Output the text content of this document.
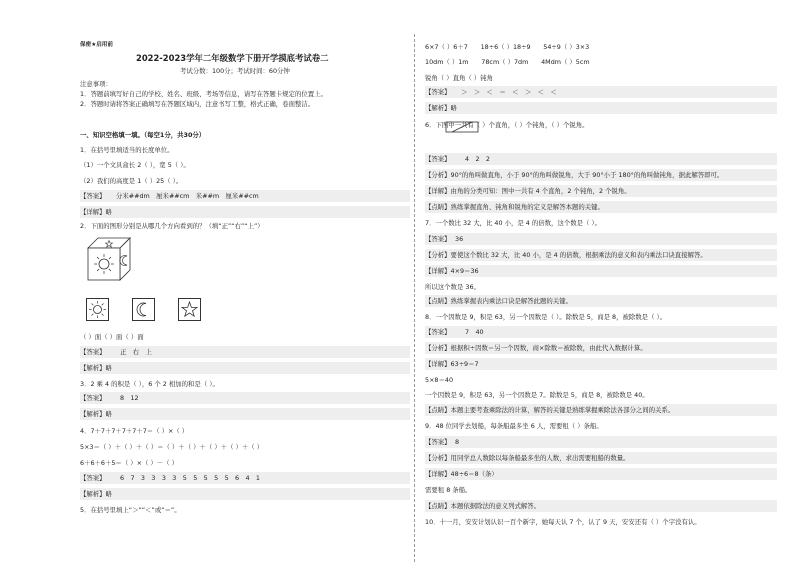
保密★启用前
2022-2023学年二年级数学下册开学摸底考试卷二
考试分数：100分；考试时间：60分钟
注意事项：
1．答题前填写好自己的学校、姓名、班级、考场等信息，请写在答题卡规定的位置上。
2．答题时请将答案正确填写在答题区域内，注意书写工整，格式正确，卷面整洁。
一、知识空格填一填。（每空1分，共30分）
1．在括号里填适当的长度单位。
（1）一个文具盒长 2（ ），宽 5（ ）。
（2）我们的高度是 1（ ）25（ ）。
【答案】 分米##dm　厘米##cm　米##m　厘米##cm
【详解】略
2．下面的图形分别是从哪几个方向看到的？（填“正”“右”“上”）
（ ）面（ ）面（ ）面
【答案】 正　右　上
【解析】略
3．2 乘 4 的积是（ ），6 个 2 相加的和是（ ）。
【答案】 8　12
【解析】略
4．7＋7＋7＋7＋7＋7＝（ ）×（ ）
5×3＝（ ）＋（ ）＋（ ）＝（ ）＋（ ）＋（ ）＋（ ）＋（ ）
6＋6＋6＋5＝（ ）×（ ）－（ ）
【答案】 6　7　3　3　3　3　5　5　5　5　5　6　4　1
【解析】略
5．在括号里填上“＞”“＜”或“＝”。
6×7（ ）6＋7　　18÷6（ ）18÷9　　54÷9（ ）3×3
10dm（ ）1m　　78cm（ ）7dm　　4Mdm（ ）5cm
锐角（ ）直角（ ）钝角
【答案】 ＞　＞　＜　＝　＜　＞　＜　＜
【解析】略
6．下图中一共有（ ）个直角，（ ）个钝角，（ ）个锐角。
【答案】 4　2　2
【分析】90°的角叫做直角，小于 90°的角叫做锐角，大于 90°小于 180°的角叫做钝角，据此解答即可。
【详解】由角的分类可知：图中一共有 4 个直角，2 个钝角，2 个锐角。
【点睛】熟练掌握直角、钝角和锐角的定义是解答本题的关键。
7．一个数比 32 大，比 40 小，是 4 的倍数，这个数是（ ）。
【答案】 36
【分析】要使这个数比 32 大，比 40 小，是 4 的倍数，根据乘法的意义和表内乘法口诀直接解答。
【详解】4×9＝36
所以这个数是 36。
【点睛】熟练掌握表内乘法口诀是解答此题的关键。
8．一个因数是 9，积是 63，另一个因数是（ ）。除数是 5，商是 8，被除数是（ ）。
【答案】 7　40
【分析】根据积÷因数＝另一个因数，商×除数＝被除数，由此代入数据计算。
【详解】63÷9＝7
5×8＝40
一个因数是 9，积是 63，另一个因数是 7。除数是 5，商是 8，被除数是 40。
【点睛】本题主要考查乘除法的计算，解答的关键是熟练掌握乘除法各部分之间的关系。
9．48 位同学去划船，每条船最多坐 6 人，需要租（ ）条船。
【答案】 8
【分析】用同学总人数除以每条船最多坐的人数，求出需要租船的数量。
【详解】48÷6＝8（条）
需要租 8 条船。
【点睛】本题依据除法的意义列式解答。
10．十一月，安安计划认识一百个新字，她每天认 7 个，认了 9 天，安安还有（ ）个字没有认。
